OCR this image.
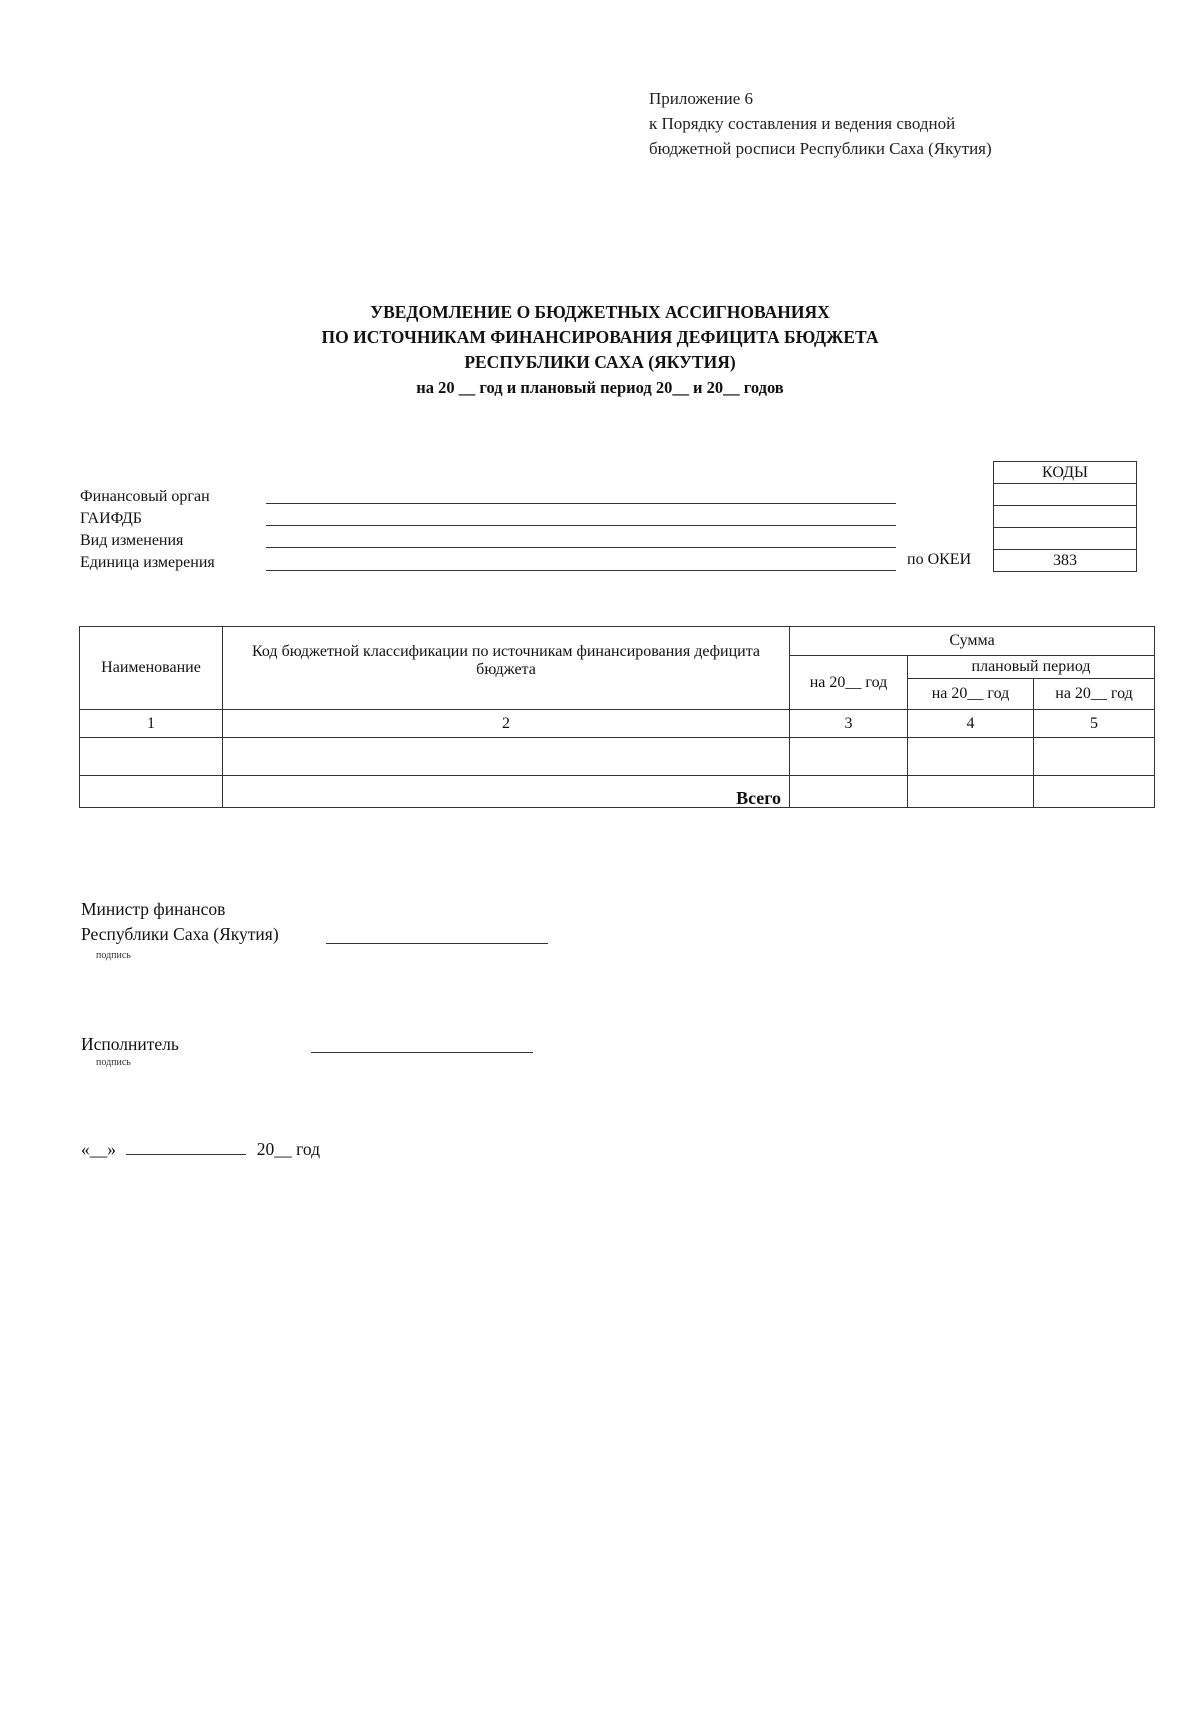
Приложение 6
к Порядку составления и ведения сводной
бюджетной росписи Республики Саха (Якутия)
УВЕДОМЛЕНИЕ О БЮДЖЕТНЫХ АССИГНОВАНИЯХ
ПО ИСТОЧНИКАМ ФИНАНСИРОВАНИЯ ДЕФИЦИТА БЮДЖЕТА
РЕСПУБЛИКИ САХА (ЯКУТИЯ)
на 20 __ год и плановый период 20__ и 20__ годов
Финансовый орган
ГАИФДБ
Вид изменения
Единица измерения	по ОКЕИ
КОДЫ

383
Наименование	Код бюджетной классификации по источникам финансирования дефицита бюджета	Сумма		
		на 20__ год	плановый период	
			на 20__ год	на 20__ год
1	2	3	4	5

	Всего			
Министр финансов
Республики Саха (Якутия)
подпись
Исполнитель
подпись
«__»	20__ год
